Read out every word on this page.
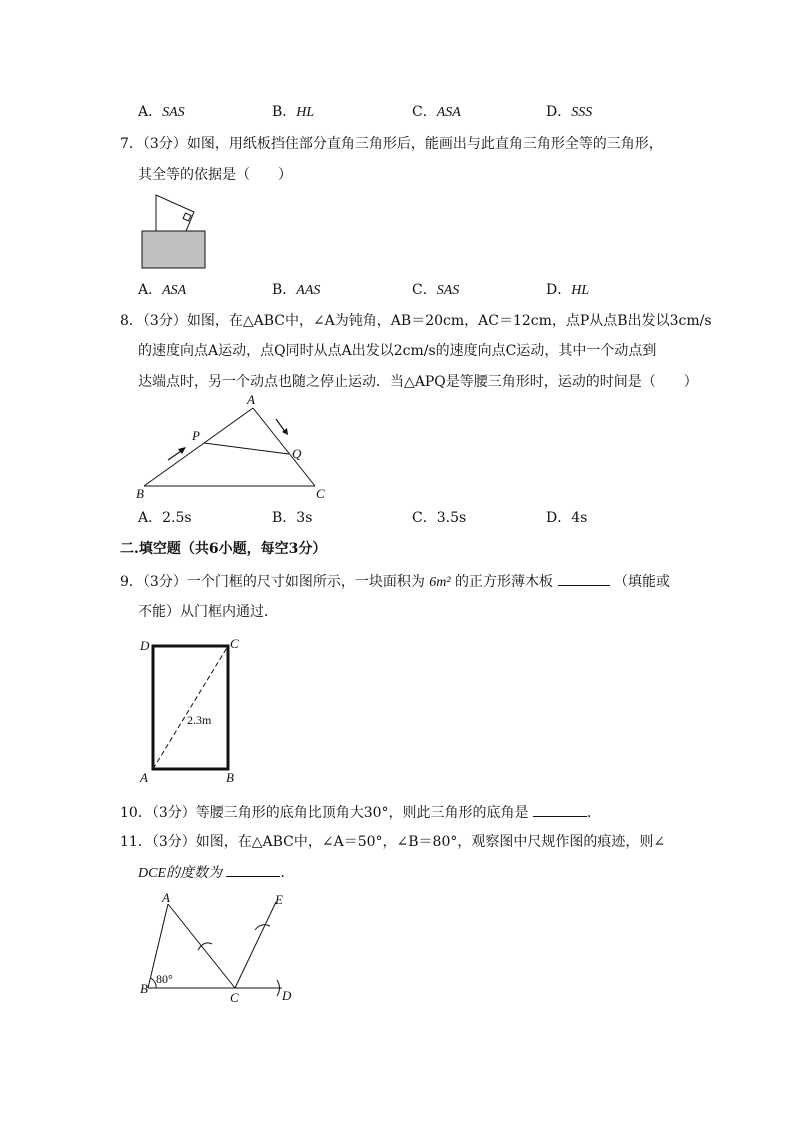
A．SAS	B．HL	C．ASA	D．SSS
7．（3分）如图，用纸板挡住部分直角三角形后，能画出与此直角三角形全等的三角形，
其全等的依据是（　　）
A．ASA	B．AAS	C．SAS	D．HL
8．（3分）如图，在△ABC中，∠A为钝角，AB＝20cm，AC＝12cm，点P从点B出发以3cm/s
的速度向点A运动，点Q同时从点A出发以2cm/s的速度向点C运动，其中一个动点到
达端点时，另一个动点也随之停止运动．当△APQ是等腰三角形时，运动的时间是（　　）
A
B	C
P
Q
A．2.5s	B．3s	C．3.5s	D．4s
二.填空题（共6小题，每空3分）
9．（3分）一个门框的尺寸如图所示，一块面积为 6m² 的正方形薄木板	（填能或
不能）从门框内通过．
D	C
A	B
2.3m
10．（3分）等腰三角形的底角比顶角大30°，则此三角形的底角是	．
11．（3分）如图，在△ABC中，∠A＝50°，∠B＝80°，观察图中尺规作图的痕迹，则∠
DCE的度数为	．
A
B
C	D
E
80°
